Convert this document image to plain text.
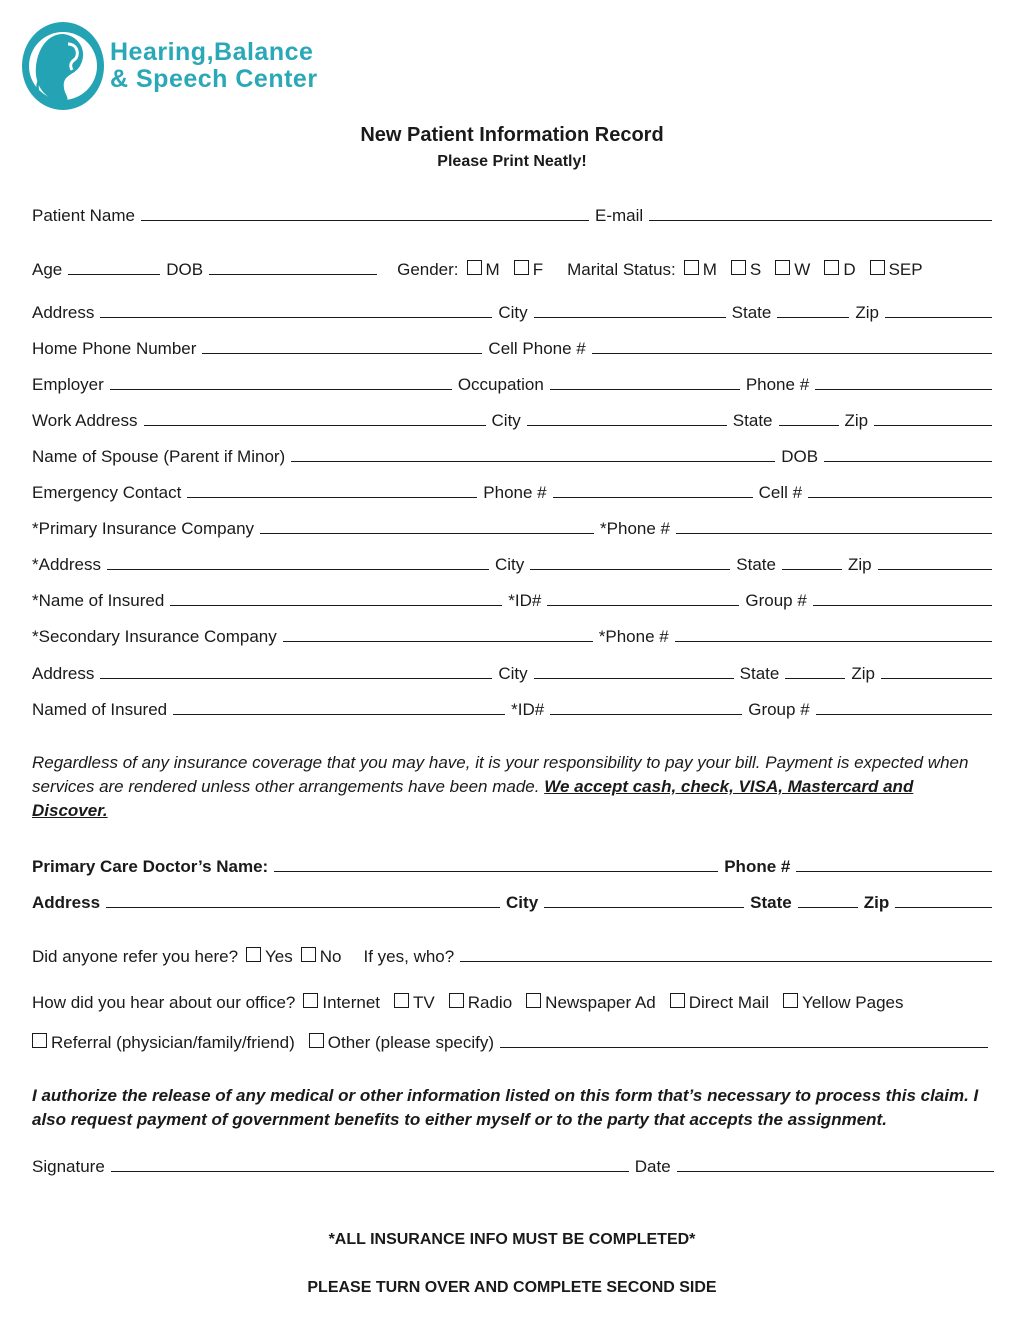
Hearing,Balance
& Speech Center
New Patient Information Record
Please Print Neatly!
Patient Name	E-mail
Age	DOB	Gender: M F Marital Status: M S W D SEP
Address	City	State	Zip
Home Phone Number	Cell Phone #
Employer	Occupation	Phone #
Work Address	City	State	Zip
Name of Spouse (Parent if Minor)	DOB
Emergency Contact	Phone #	Cell #
*Primary Insurance Company	*Phone #
*Address	City	State	Zip
*Name of Insured	*ID#	Group #
*Secondary Insurance Company	*Phone #
Address	City	State	Zip
Named of Insured	*ID#	Group #
Regardless of any insurance coverage that you may have, it is your responsibility to pay your bill. Payment is expected when services are rendered unless other arrangements have been made. We accept cash, check, VISA, Mastercard and Discover.
Primary Care Doctor’s Name:	Phone #
Address	City	State	Zip
Did anyone refer you here? Yes No If yes, who?
How did you hear about our office? Internet TV Radio Newspaper Ad Direct Mail Yellow Pages
Referral (physician/family/friend) Other (please specify)
I authorize the release of any medical or other information listed on this form that’s necessary to process this claim. I also request payment of government benefits to either myself or to the party that accepts the assignment.
Signature	Date
*ALL INSURANCE INFO MUST BE COMPLETED*
PLEASE TURN OVER AND COMPLETE SECOND SIDE
